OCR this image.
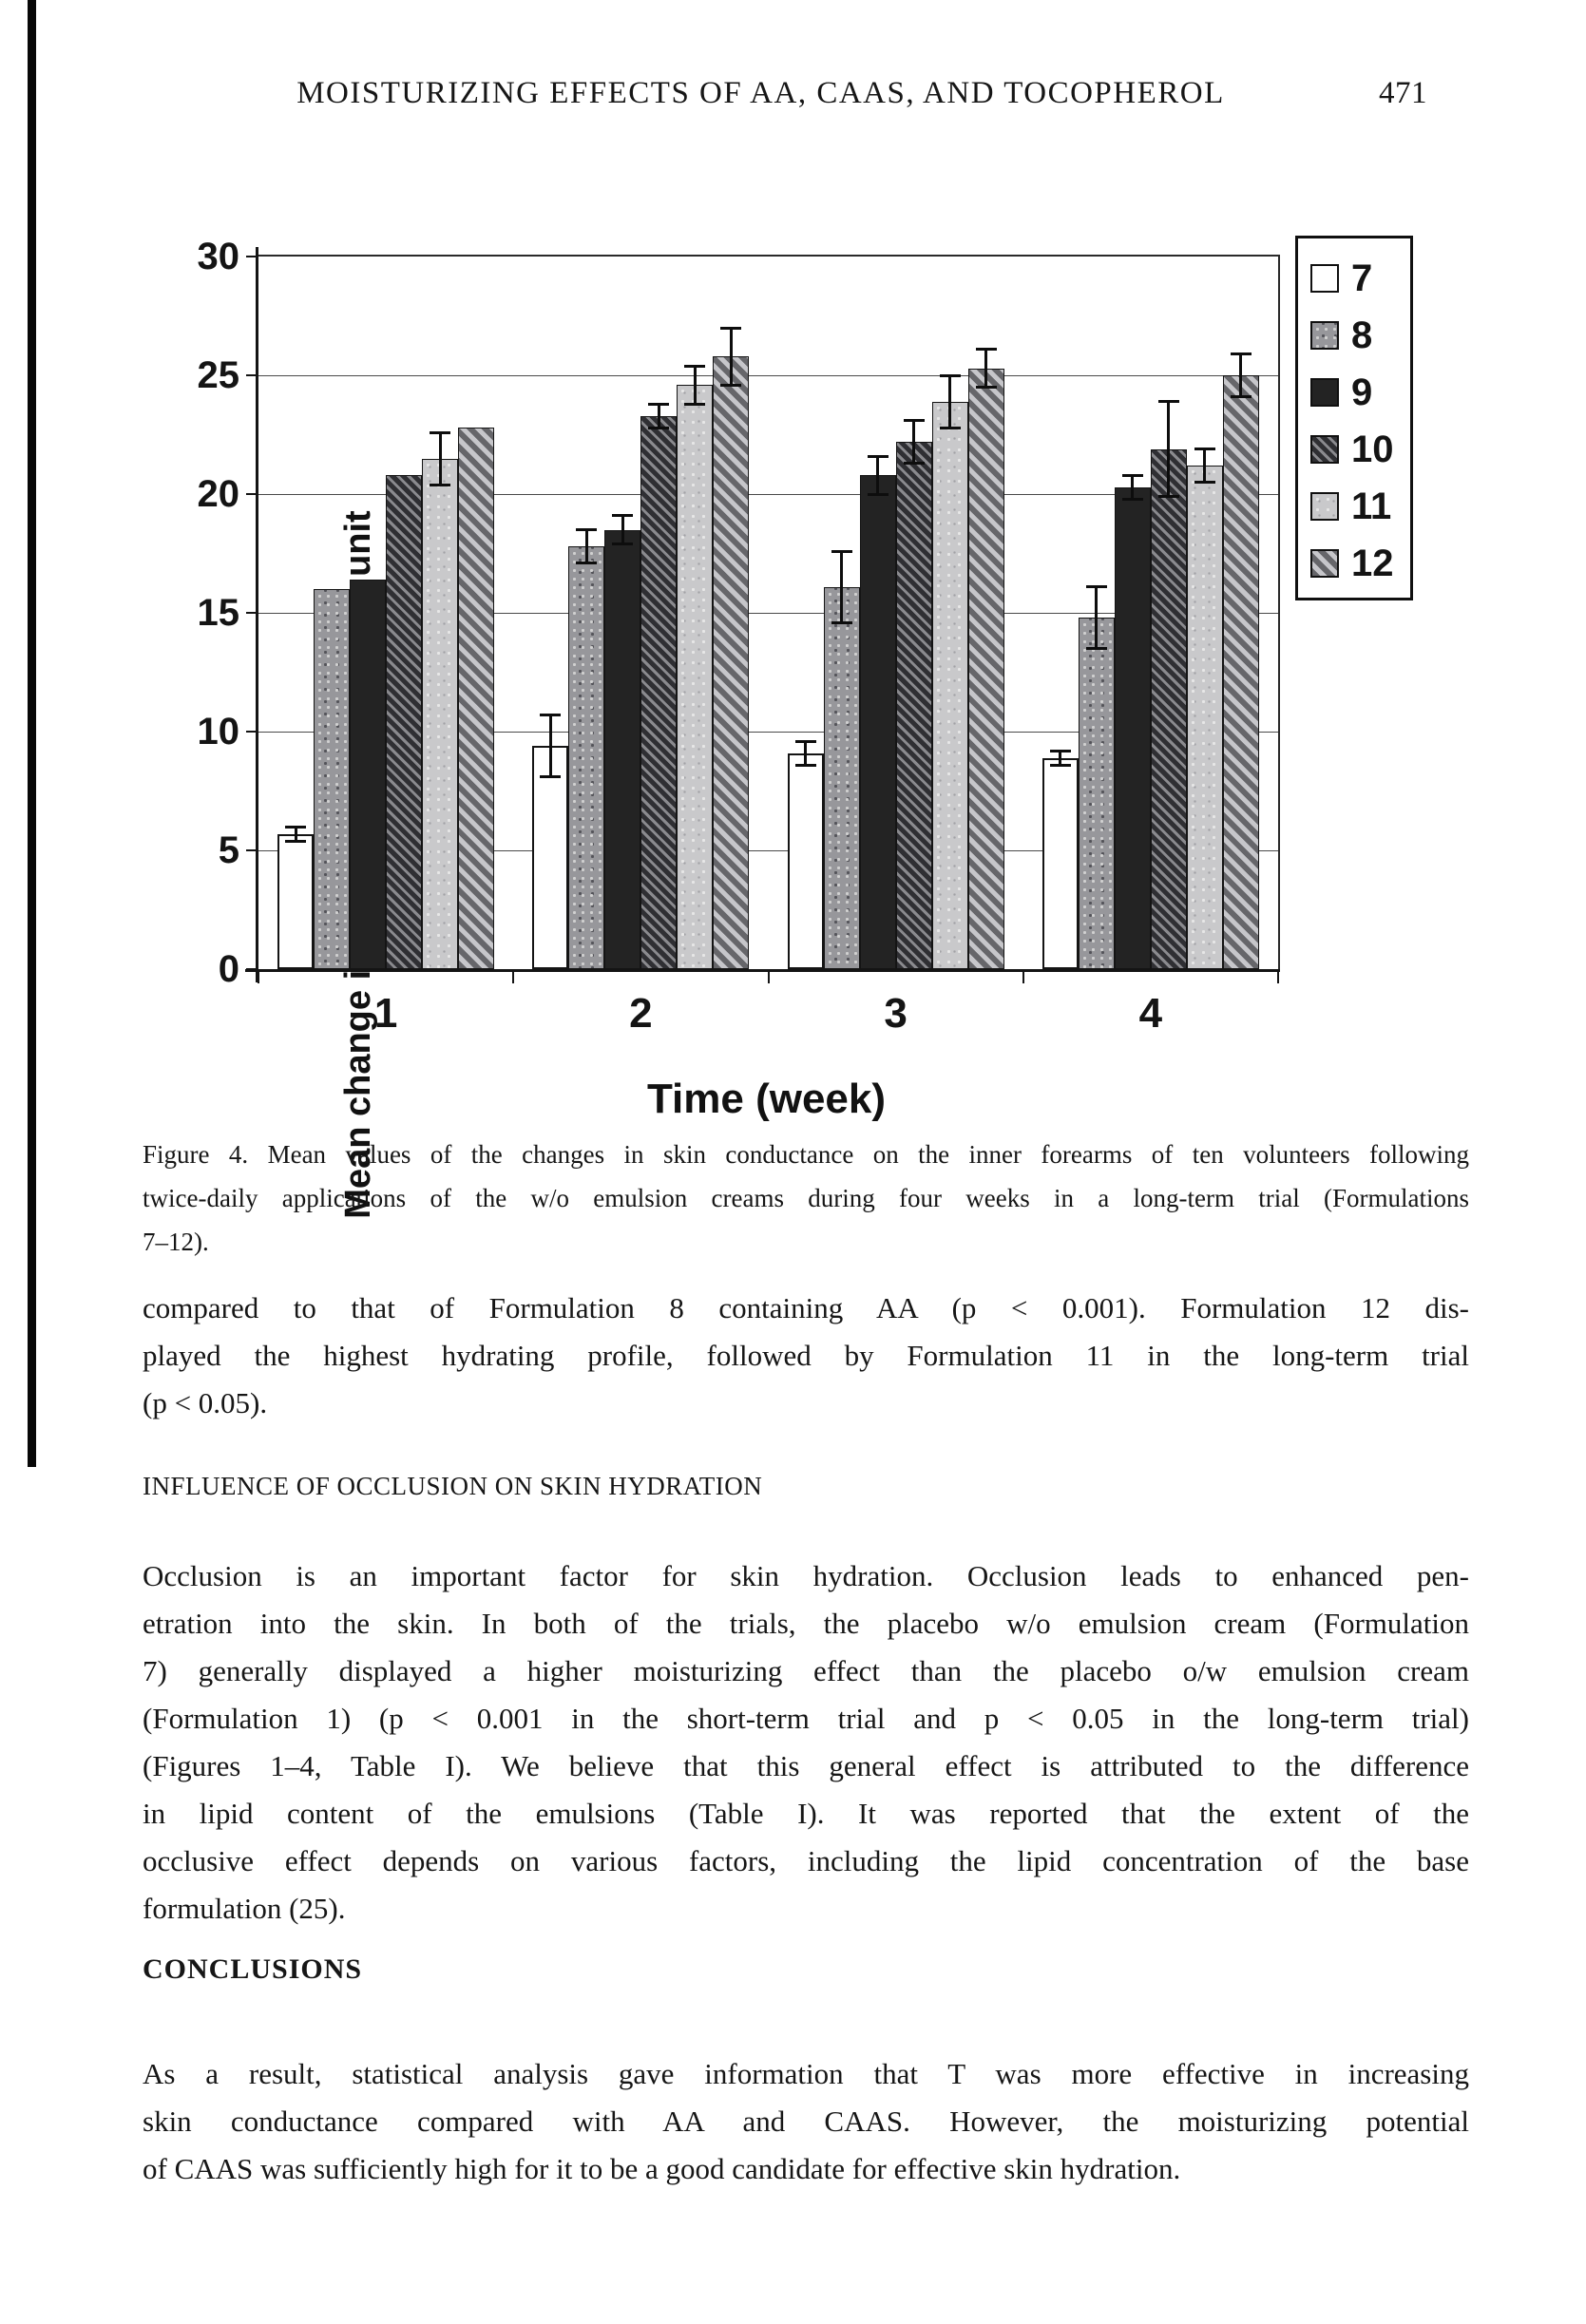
MOISTURIZING EFFECTS OF AA, CAAS, AND TOCOPHEROL	471
Mean change unit
0
5
10
15
20
25
30
1	2	3	4
Time (week)
7
8
9
10
11
12
Figure 4. Mean values of the changes in skin conductance on the inner forearms of ten volunteers following
twice-daily applications of the w/o emulsion creams during four weeks in a long-term trial (Formulations
7–12).
compared to that of Formulation 8 containing AA (p < 0.001). Formulation 12 dis-
played the highest hydrating profile, followed by Formulation 11 in the long-term trial
(p < 0.05).
INFLUENCE OF OCCLUSION ON SKIN HYDRATION
Occlusion is an important factor for skin hydration. Occlusion leads to enhanced pen-
etration into the skin. In both of the trials, the placebo w/o emulsion cream (Formulation
7) generally displayed a higher moisturizing effect than the placebo o/w emulsion cream
(Formulation 1) (p < 0.001 in the short-term trial and p < 0.05 in the long-term trial)
(Figures 1–4, Table I). We believe that this general effect is attributed to the difference
in lipid content of the emulsions (Table I). It was reported that the extent of the
occlusive effect depends on various factors, including the lipid concentration of the base
formulation (25).
CONCLUSIONS
As a result, statistical analysis gave information that T was more effective in increasing
skin conductance compared with AA and CAAS. However, the moisturizing potential
of CAAS was sufficiently high for it to be a good candidate for effective skin hydration.
